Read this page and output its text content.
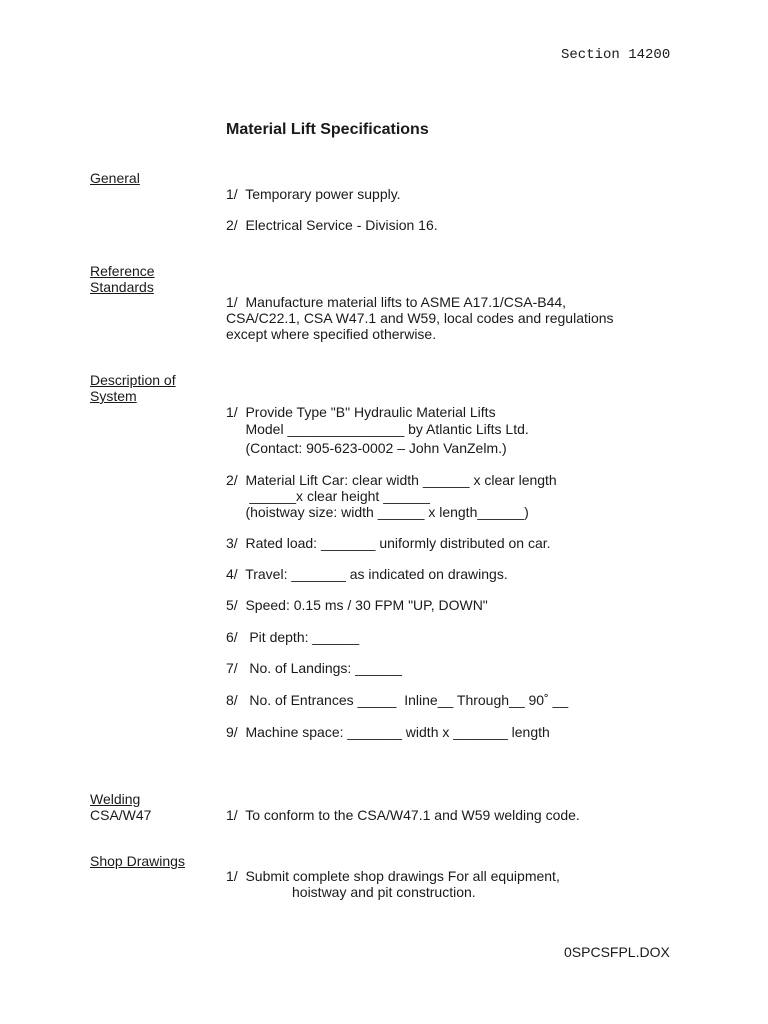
Section 14200
Material Lift Specifications
General
1/  Temporary power supply.
2/  Electrical Service - Division 16.
Reference
Standards
1/  Manufacture material lifts to ASME A17.1/CSA-B44,
CSA/C22.1, CSA W47.1 and W59, local codes and regulations
except where specified otherwise.
Description of
System
1/  Provide Type "B" Hydraulic Material Lifts
Model _______________ by Atlantic Lifts Ltd.
(Contact: 905-623-0002 – John VanZelm.)
2/  Material Lift Car: clear width ______ x clear length
______x clear height ______
(hoistway size: width ______ x length______)
3/  Rated load: _______ uniformly distributed on car.
4/  Travel: _______ as indicated on drawings.
5/  Speed: 0.15 ms / 30 FPM "UP, DOWN"
6/   Pit depth: ______
7/   No. of Landings: ______
8/   No. of Entrances _____  Inline__ Through__ 90˚ __
9/  Machine space: _______ width x _______ length
Welding
CSA/W47	1/  To conform to the CSA/W47.1 and W59 welding code.
Shop Drawings
1/  Submit complete shop drawings For all equipment,
hoistway and pit construction.
0SPCSFPL.DOX
